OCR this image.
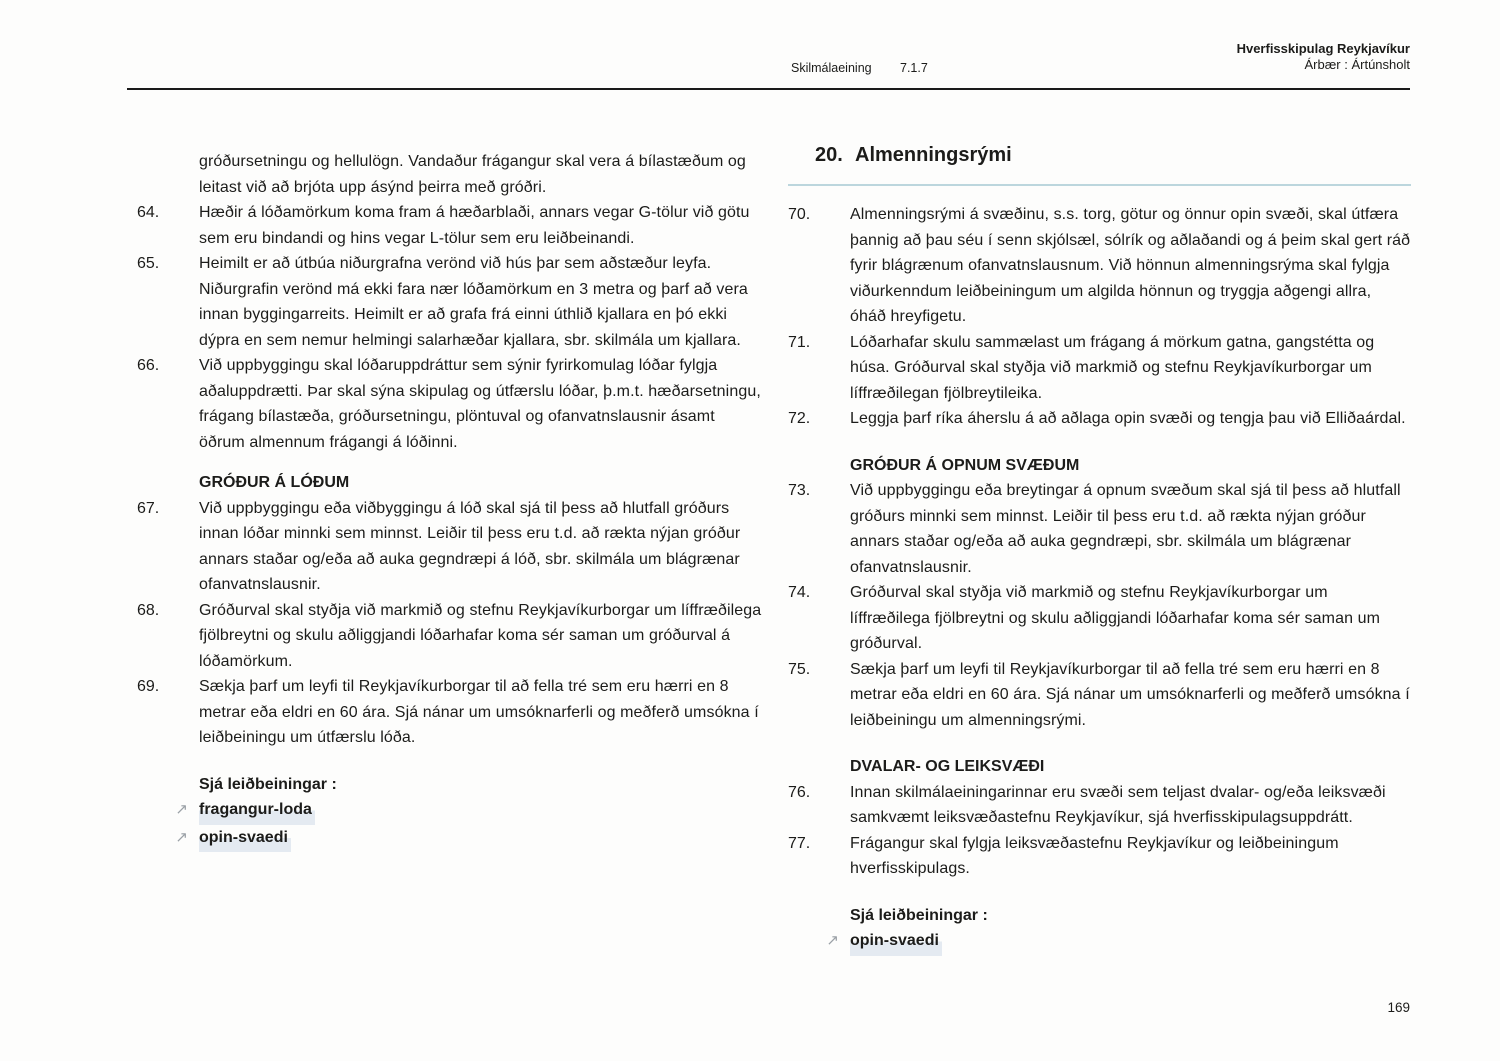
Skilmálaeining 7.1.7
Hverfisskipulag Reykjavíkur
Árbær : Ártúnsholt
gróðursetningu og hellulögn. Vandaður frágangur skal vera á bílastæðum og leitast við að brjóta upp ásýnd þeirra með gróðri.
64.	Hæðir á lóðamörkum koma fram á hæðarblaði, annars vegar G-tölur við götu sem eru bindandi og hins vegar L-tölur sem eru leiðbeinandi.
65.	Heimilt er að útbúa niðurgrafna verönd við hús þar sem aðstæður leyfa. Niðurgrafin verönd má ekki fara nær lóðamörkum en 3 metra og þarf að vera innan byggingarreits. Heimilt er að grafa frá einni úthlið kjallara en þó ekki dýpra en sem nemur helmingi salarhæðar kjallara, sbr. skilmála um kjallara.
66.	Við uppbyggingu skal lóðaruppdráttur sem sýnir fyrirkomulag lóðar fylgja aðaluppdrætti. Þar skal sýna skipulag og útfærslu lóðar, þ.m.t. hæðarsetningu, frágang bílastæða, gróðursetningu, plöntuval og ofanvatnslausnir ásamt öðrum almennum frágangi á lóðinni.
GRÓÐUR Á LÓÐUM
67.	Við uppbyggingu eða viðbyggingu á lóð skal sjá til þess að hlutfall gróðurs innan lóðar minnki sem minnst. Leiðir til þess eru t.d. að rækta nýjan gróður annars staðar og/eða að auka gegndræpi á lóð, sbr. skilmála um blágrænar ofanvatnslausnir.
68.	Gróðurval skal styðja við markmið og stefnu Reykjavíkurborgar um líffræðilega fjölbreytni og skulu aðliggjandi lóðarhafar koma sér saman um gróðurval á lóðamörkum.
69.	Sækja þarf um leyfi til Reykjavíkurborgar til að fella tré sem eru hærri en 8 metrar eða eldri en 60 ára. Sjá nánar um umsóknarferli og meðferð umsókna í leiðbeiningu um útfærslu lóða.
Sjá leiðbeiningar :
↗ fragangur-loda
↗ opin-svaedi
20. Almenningsrými
70.	Almenningsrými á svæðinu, s.s. torg, götur og önnur opin svæði, skal útfæra þannig að þau séu í senn skjólsæl, sólrík og aðlaðandi og á þeim skal gert ráð fyrir blágrænum ofanvatnslausnum. Við hönnun almenningsrýma skal fylgja viðurkenndum leiðbeiningum um algilda hönnun og tryggja aðgengi allra, óháð hreyfigetu.
71.	Lóðarhafar skulu sammælast um frágang á mörkum gatna, gangstétta og húsa. Gróðurval skal styðja við markmið og stefnu Reykjavíkurborgar um líffræðilegan fjölbreytileika.
72.	Leggja þarf ríka áherslu á að aðlaga opin svæði og tengja þau við Elliðaárdal.
GRÓÐUR Á OPNUM SVÆÐUM
73.	Við uppbyggingu eða breytingar á opnum svæðum skal sjá til þess að hlutfall gróðurs minnki sem minnst. Leiðir til þess eru t.d. að rækta nýjan gróður annars staðar og/eða að auka gegndræpi, sbr. skilmála um blágrænar ofanvatnslausnir.
74.	Gróðurval skal styðja við markmið og stefnu Reykjavíkurborgar um líffræðilega fjölbreytni og skulu aðliggjandi lóðarhafar koma sér saman um gróðurval.
75.	Sækja þarf um leyfi til Reykjavíkurborgar til að fella tré sem eru hærri en 8 metrar eða eldri en 60 ára. Sjá nánar um umsóknarferli og meðferð umsókna í leiðbeiningu um almenningsrými.
DVALAR- OG LEIKSVÆÐI
76.	Innan skilmálaeiningarinnar eru svæði sem teljast dvalar- og/eða leiksvæði samkvæmt leiksvæðastefnu Reykjavíkur, sjá hverfisskipulagsuppdrátt.
77.	Frágangur skal fylgja leiksvæðastefnu Reykjavíkur og leiðbeiningum hverfisskipulags.
Sjá leiðbeiningar :
↗ opin-svaedi
169
